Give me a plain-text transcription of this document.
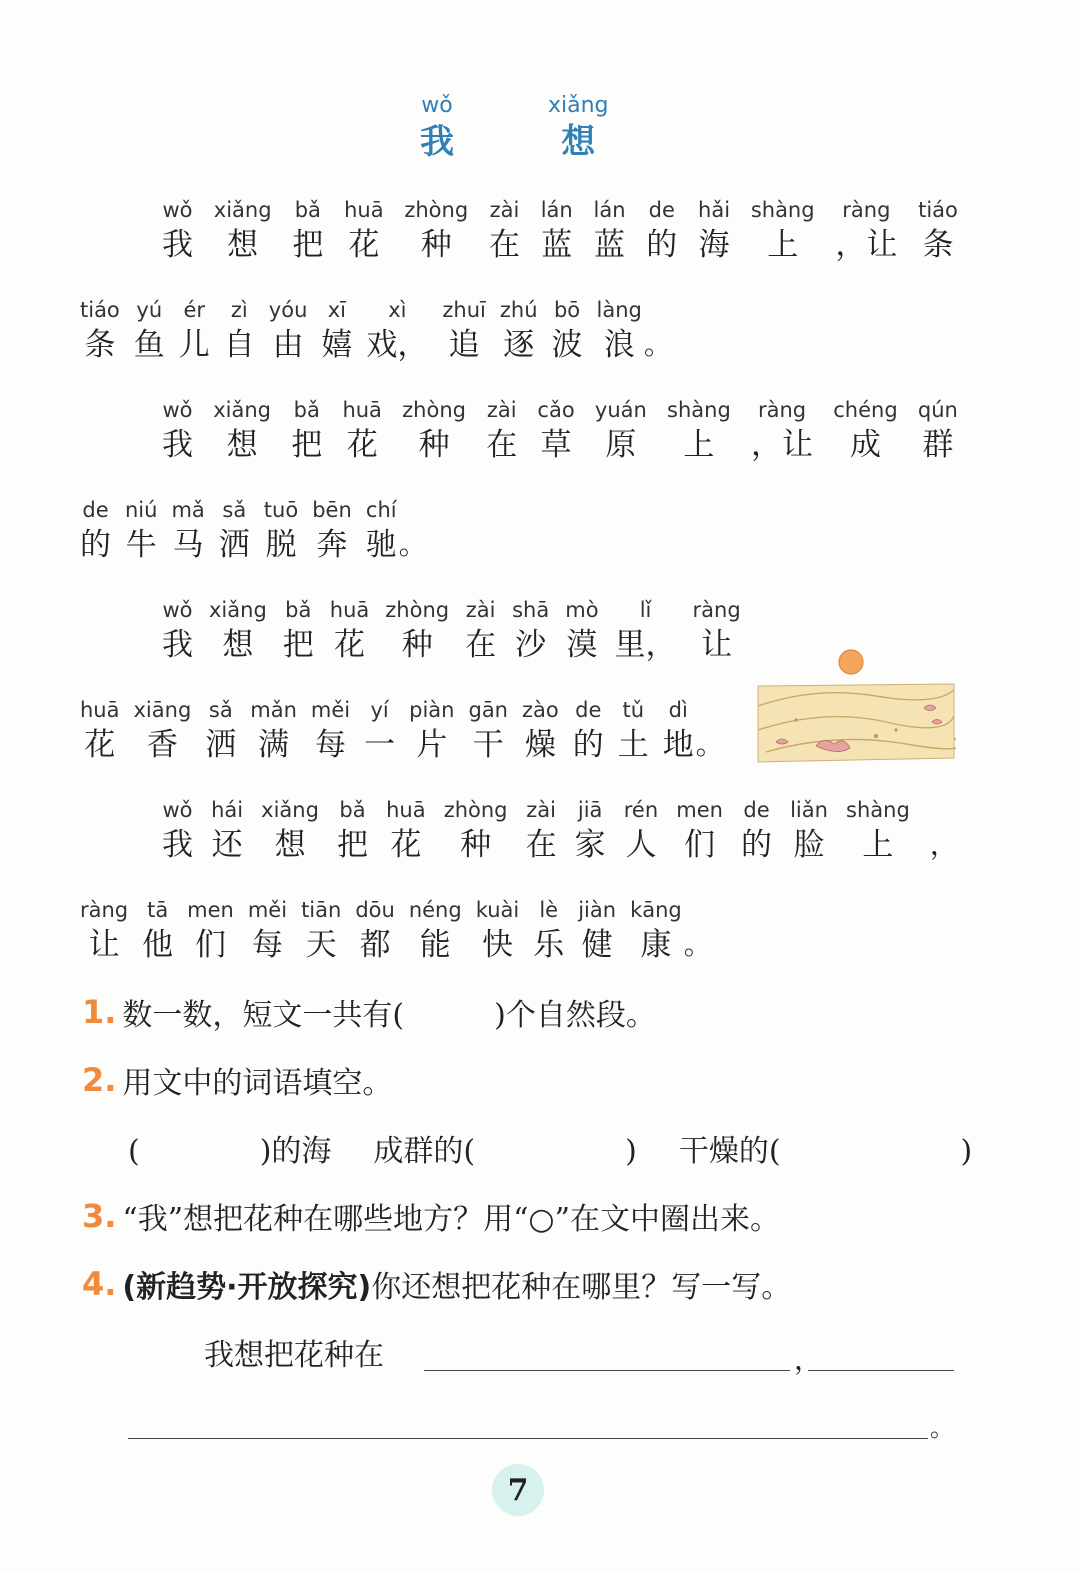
wǒ
我
xiǎng
想
wǒ
我
xiǎng
想
bǎ
把
huā
花
zhòng
种
zài
在
lán
蓝
lán
蓝
de
的
hǎi
海
shàng
上
ràng
，让
tiáo
条
tiáo
条
yú
鱼
ér
儿
zì
自
yóu
由
xī
嬉
xì
戏，
zhuī
追
zhú
逐
bō
波
làng
浪 。
wǒ
我
xiǎng
想
bǎ
把
huā
花
zhòng
种
zài
在
cǎo
草
yuán
原
shàng
上
ràng
，让
chéng
成
qún
群
de
的
niú
牛
mǎ
马
sǎ
洒
tuō
脱
bēn
奔
chí
驰 。
wǒ
我
xiǎng
想
bǎ
把
huā
花
zhòng
种
zài
在
shā
沙
mò
漠
lǐ
里，
ràng
让
huā
花
xiāng
香
sǎ
洒
mǎn
满
měi
每
yí
一
piàn
片
gān
干
zào
燥
de
的
tǔ
土
dì
地 。
wǒ
我
hái
还
xiǎng
想
bǎ
把
huā
花
zhòng
种
zài
在
jiā
家
rén
人
men
们
de
的
liǎn
脸
shàng
上 ，
ràng
让
tā
他
men
们
měi
每
tiān
天
dōu
都
néng
能
kuài
快
lè
乐
jiàn
健
kāng
康 。
1. 数一数，短文一共有(　　　)个自然段。
2. 用文中的词语填空。
(　　　　)的海 成群的(　　　　　) 干燥的(　　　　　　)
3. “我”想把花种在哪些地方？用“○”在文中圈出来。
4. (新趋势·开放探究) 你还想把花种在哪里？写一写。
我想把花种在	，
。
7
